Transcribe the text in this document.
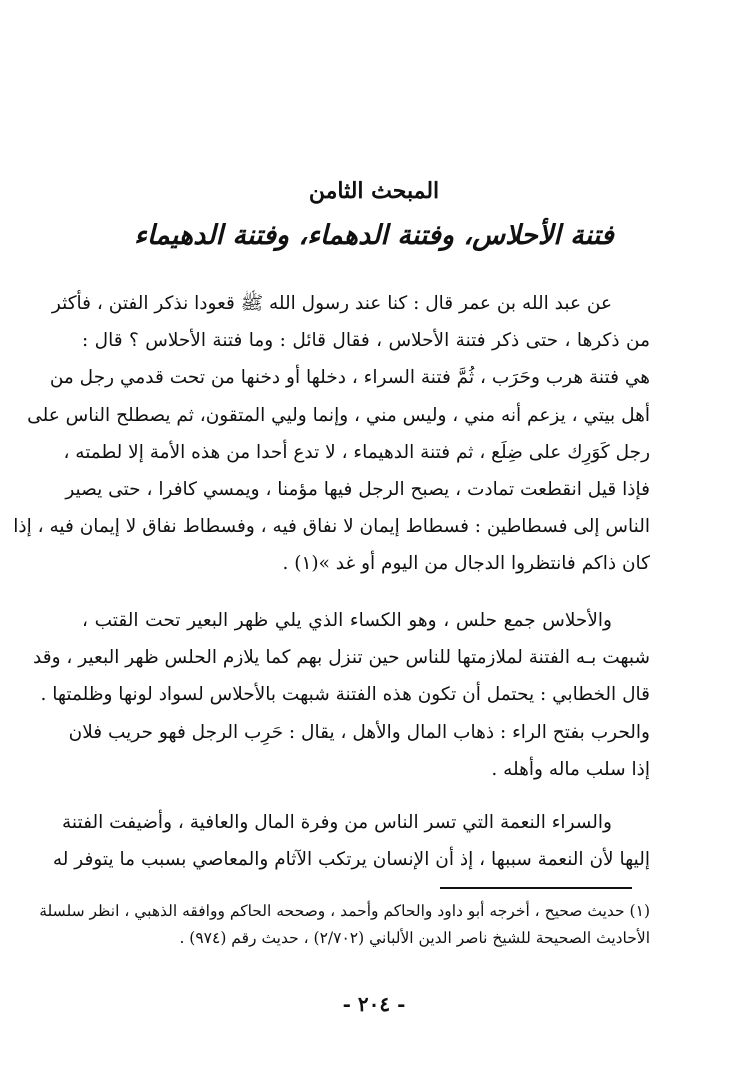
المبحث الثامن
فتنة الأحلاس، وفتنة الدهماء، وفتنة الدهيماء
عن عبد الله بن عمر قال : كنا عند رسول الله ﷺ قعودا نذكر الفتن ، فأكثر
من ذكرها ، حتى ذكر فتنة الأحلاس ، فقال قائل : وما فتنة الأحلاس ؟ قال :
هي فتنة هرب وحَرَب ، ثُمَّ فتنة السراء ، دخلها أو دخنها من تحت قدمي رجل من
أهل بيتي ، يزعم أنه مني ، وليس مني ، وإنما وليي المتقون، ثم يصطلح الناس على
رجل كَوَرِك على ضِلَع ، ثم فتنة الدهيماء ، لا تدع أحدا من هذه الأمة إلا لطمته ،
فإذا قيل انقطعت تمادت ، يصبح الرجل فيها مؤمنا ، ويمسي كافرا ، حتى يصير
الناس إلى فسطاطين : فسطاط إيمان لا نفاق فيه ، وفسطاط نفاق لا إيمان فيه ، إذا
كان ذاكم فانتظروا الدجال من اليوم أو غد »(١) .
والأحلاس جمع حلس ، وهو الكساء الذي يلي ظهر البعير تحت القتب ،
شبهت بـه الفتنة لملازمتها للناس حين تنزل بهم كما يلازم الحلس ظهر البعير ، وقد
قال الخطابي : يحتمل أن تكون هذه الفتنة شبهت بالأحلاس لسواد لونها وظلمتها .
والحرب بفتح الراء : ذهاب المال والأهل ، يقال : حَرِب الرجل فهو حريب فلان
إذا سلب ماله وأهله .
والسراء النعمة التي تسر الناس من وفرة المال والعافية ، وأضيفت الفتنة
إليها لأن النعمة سببها ، إذ أن الإنسان يرتكب الآثام والمعاصي بسبب ما يتوفر له
(١) حديث صحيح ، أخرجه أبو داود والحاكم وأحمد ، وصححه الحاكم ووافقه الذهبي ، انظر سلسلة
الأحاديث الصحيحة للشيخ ناصر الدين الألباني (٢/٧٠٢) ، حديث رقم (٩٧٤) .
- ٢٠٤ -
